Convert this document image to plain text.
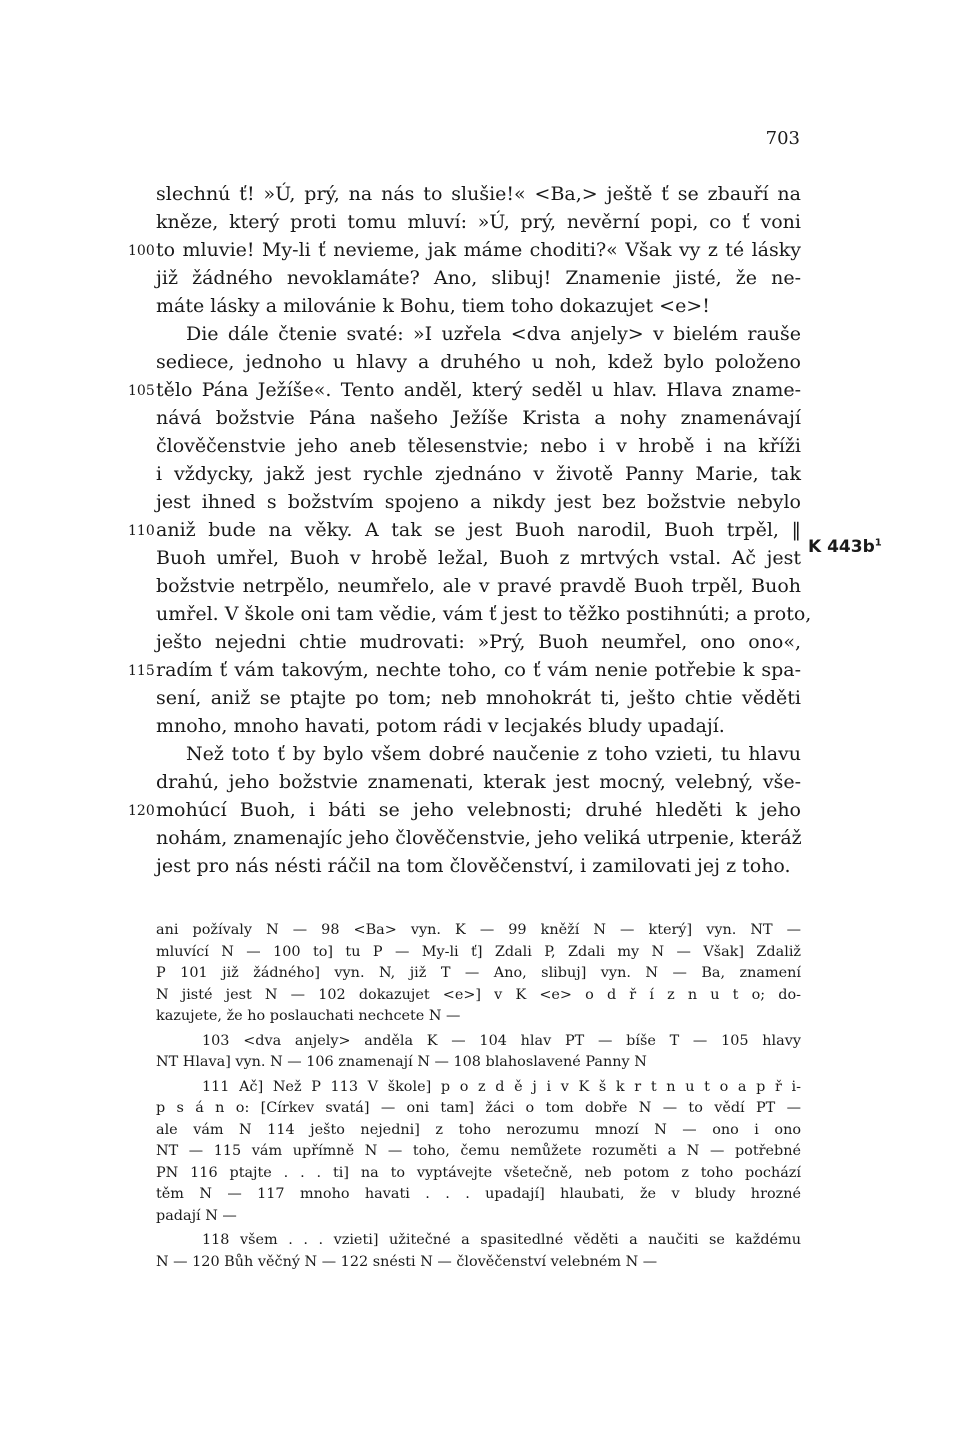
703
slechnú ť! »Ú, prý, na nás to slušie!« <Ba,> ještě ť se zbauří na
kněze, který proti tomu mluví: »Ú, prý, nevěrní popi, co ť voni
to mluvie! My-li ť nevieme, jak máme choditi?« Však vy z té lásky
již žádného nevoklamáte? Ano, slibuj! Znamenie jisté, že ne-
máte lásky a milovánie k Bohu, tiem toho dokazujet <e>!
Die dále čtenie svaté: »I uzřela <dva anjely> v bielém rauše
sediece, jednoho u hlavy a druhého u noh, kdež bylo položeno
tělo Pána Ježíše«. Tento anděl, který seděl u hlav. Hlava zname-
nává božstvie Pána našeho Ježíše Krista a nohy znamenávají
člověčenstvie jeho aneb tělesenstvie; nebo i v hrobě i na kříži
i vždycky, jakž jest rychle zjednáno v životě Panny Marie, tak
jest ihned s božstvím spojeno a nikdy jest bez božstvie nebylo
aniž bude na věky. A tak se jest Buoh narodil, Buoh trpěl, ‖
Buoh umřel, Buoh v hrobě ležal, Buoh z mrtvých vstal. Ač jest
božstvie netrpělo, neumřelo, ale v pravé pravdě Buoh trpěl, Buoh
umřel. V škole oni tam vědie, vám ť jest to těžko postihnúti; a proto,
ješto nejedni chtie mudrovati: »Prý, Buoh neumřel, ono ono«,
radím ť vám takovým, nechte toho, co ť vám nenie potřebie k spa-
sení, aniž se ptajte po tom; neb mnohokrát ti, ješto chtie věděti
mnoho, mnoho havati, potom rádi v lecjakés bludy upadají.
Než toto ť by bylo všem dobré naučenie z toho vzieti, tu hlavu
drahú, jeho božstvie znamenati, kterak jest mocný, velebný, vše-
mohúcí Buoh, i báti se jeho velebnosti; druhé hleděti k jeho
nohám, znamenajíc jeho člověčenstvie, jeho veliká utrpenie, kteráž
jest pro nás nésti ráčil na tom člověčenství, i zamilovati jej z toho.
100
105
110
115
120
K $443b^1$
ani požívaly N — 98 <Ba> vyn. K — 99 kněží N — který] vyn. NT —
mluvící N — 100 to] tu P — My-li ť] Zdali P, Zdali my N — Však] Zdaliž
P 101 již žádného] vyn. N, již T — Ano, slibuj] vyn. N — Ba, znamení
N jisté jest N — 102 dokazujet <e>] v K <e> o d ř í z n u t o; do-
kazujete, že ho poslauchati nechcete N —
103 <dva anjely> anděla K — 104 hlav PT — bíše T — 105 hlavy
NT Hlava] vyn. N — 106 znamenají N — 108 blahoslavené Panny N
111 Ač] Než P 113 V škole] p o z d ě j i v K š k r t n u t o a p ř i-
p s á n o: [Církev svatá] — oni tam] žáci o tom dobře N — to vědí PT —
ale vám N 114 ješto nejedni] z toho nerozumu mnozí N — ono i ono
NT — 115 vám upřímně N — toho, čemu nemůžete rozuměti a N — potřebné
PN 116 ptajte . . . ti] na to vyptávejte všetečně, neb potom z toho pochází
těm N — 117 mnoho havati . . . upadají] hlaubati, že v bludy hrozné
padají N —
118 všem . . . vzieti] užitečné a spasitedlné věděti a naučiti se každému
N — 120 Bůh věčný N — 122 snésti N — člověčenství velebném N —
